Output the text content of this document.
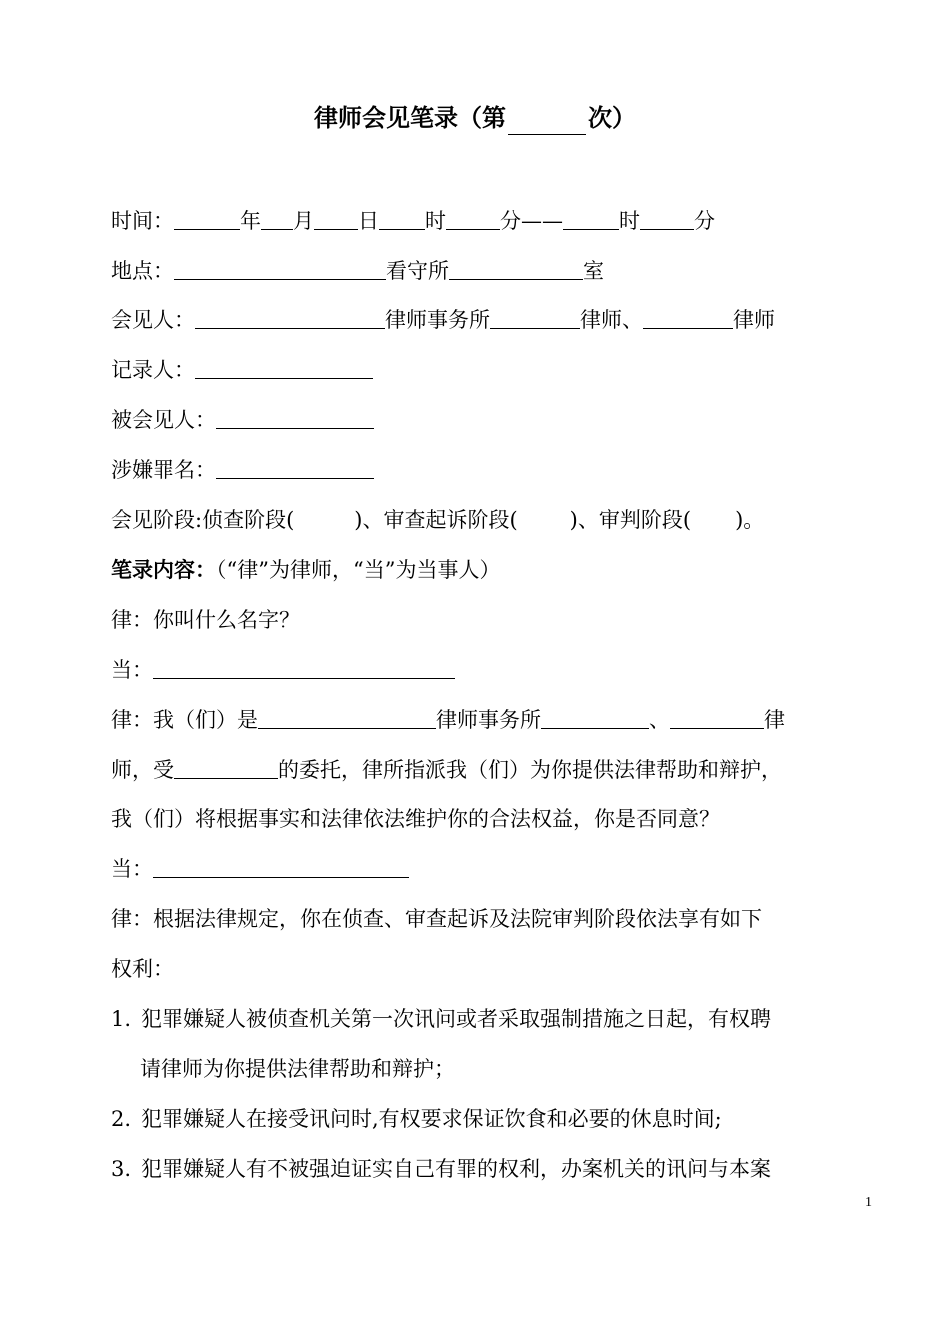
律师会见笔录（第	次）
时间：	年 月 日 时	分——	时	分
地点：	看守所	室
会见人：	律师事务所	律师、	律师
记录人：
被会见人：
涉嫌罪名：
会见阶段:侦查阶段(	)、审查起诉阶段( )、审判阶段( )。
笔录内容：（“律”为律师，“当”为当事人）
律：你叫什么名字？
当：
律：我（们）是	律师事务所	、	律
师，受	的委托，律所指派我（们）为你提供法律帮助和辩护，
我（们）将根据事实和法律依法维护你的合法权益，你是否同意？
当：
律：根据法律规定，你在侦查、审查起诉及法院审判阶段依法享有如下
权利：
1. 犯罪嫌疑人被侦查机关第一次讯问或者采取强制措施之日起，有权聘
请律师为你提供法律帮助和辩护；
2. 犯罪嫌疑人在接受讯问时,有权要求保证饮食和必要的休息时间;
3. 犯罪嫌疑人有不被强迫证实自己有罪的权利，办案机关的讯问与本案
1
